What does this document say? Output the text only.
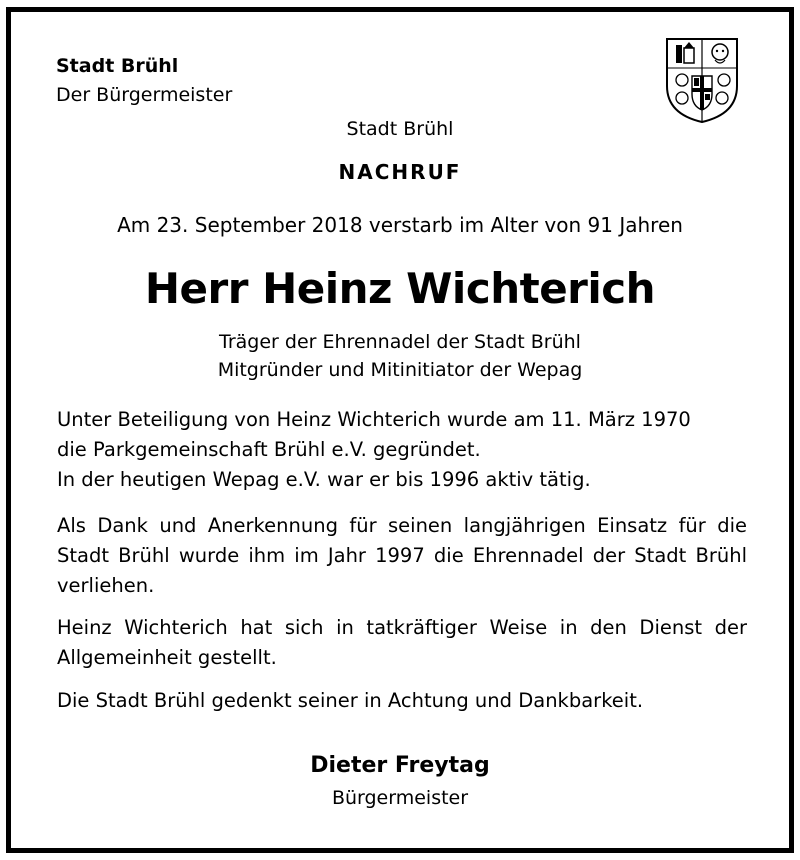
Stadt Brühl
Der Bürgermeister
Stadt Brühl
NACHRUF
Am 23. September 2018 verstarb im Alter von 91 Jahren
Herr Heinz Wichterich
Träger der Ehrennadel der Stadt Brühl
Mitgründer und Mitinitiator der Wepag
Unter Beteiligung von Heinz Wichterich wurde am 11. März 1970
die Parkgemeinschaft Brühl e.V. gegründet.
In der heutigen Wepag e.V. war er bis 1996 aktiv tätig.
Als Dank und Anerkennung für seinen langjährigen Einsatz für die Stadt Brühl wurde ihm im Jahr 1997 die Ehrennadel der Stadt Brühl verliehen.
Heinz Wichterich hat sich in tatkräftiger Weise in den Dienst der Allgemeinheit gestellt.
Die Stadt Brühl gedenkt seiner in Achtung und Dankbarkeit.
Dieter Freytag
Bürgermeister
